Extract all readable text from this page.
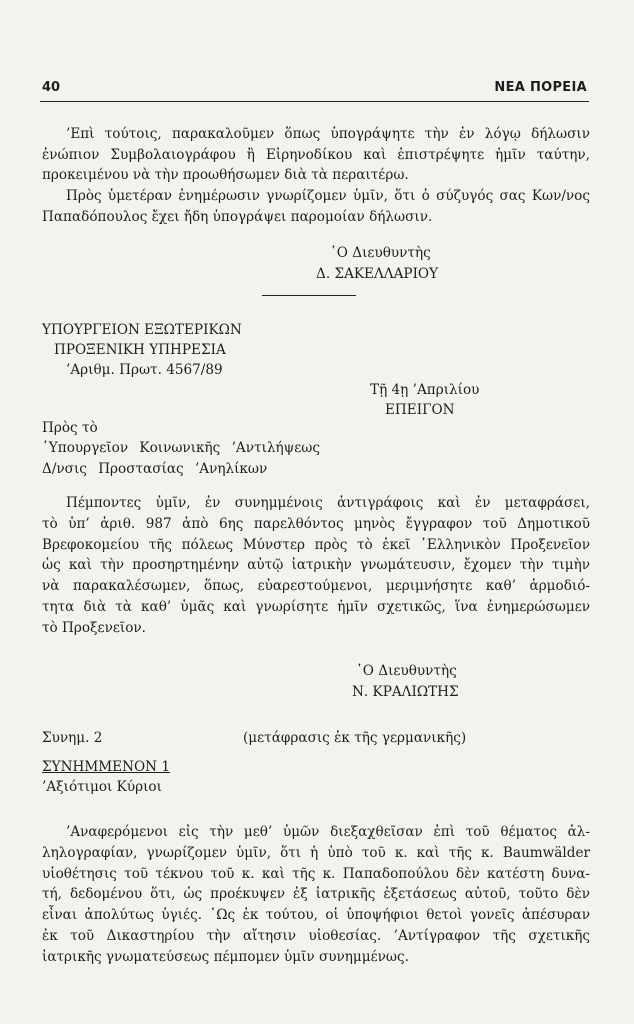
40	ΝΕΑ ΠΟΡΕΙΑ
’Επὶ τούτοις, παρακαλοῦμεν ὅπως ὑπογράψητε τὴν ἐν λόγῳ δήλωσιν
ἐνώπιον Συμβολαιογράφου ἢ Εἰρηνοδίκου καὶ ἐπιστρέψητε ἡμῖν ταύτην,
προκειμένου νὰ τὴν προωθήσωμεν διὰ τὰ περαιτέρω.
Πρὸς ὑμετέραν ἐνημέρωσιν γνωρίζομεν ὑμῖν, ὅτι ὁ σύζυγός σας Κων/νος
Παπαδόπουλος ἔχει ἤδη ὑπογράψει παρομοίαν δήλωσιν.
῾Ο Διευθυντὴς
Δ. ΣΑΚΕΛΛΑΡΙΟΥ
ΥΠΟΥΡΓΕΙΟΝ ΕΞΩΤΕΡΙΚΩΝ
ΠΡΟΞΕΝΙΚΗ ΥΠΗΡΕΣΙΑ
’Αριθμ. Πρωτ. 4567/89
Τῇ 4ῃ ’Απριλίου
ΕΠΕΙΓΟΝ
Πρὸς τὸ
῾Υπουργεῖον Κοινωνικῆς ’Αντιλήψεως
Δ/νσις Προστασίας ’Ανηλίκων
Πέμποντες ὑμῖν, ἐν συνημμένοις ἀντιγράφοις καὶ ἐν μεταφράσει,
τὸ ὑπ’ ἀριθ. 987 ἀπὸ 6ης παρελθόντος μηνὸς ἔγγραφον τοῦ Δημοτικοῦ
Βρεφοκομείου τῆς πόλεως Μύνστερ πρὸς τὸ ἐκεῖ ῾Ελληνικὸν Προξενεῖον
ὡς καὶ τὴν προσηρτημένην αὐτῷ ἰατρικὴν γνωμάτευσιν, ἔχομεν τὴν τιμὴν
νὰ παρακαλέσωμεν, ὅπως, εὐαρεστούμενοι, μεριμνήσητε καθ’ ἁρμοδιό-
τητα διὰ τὰ καθ’ ὑμᾶς καὶ γνωρίσητε ἡμῖν σχετικῶς, ἵνα ἐνημερώσωμεν
τὸ Προξενεῖον.
῾Ο Διευθυντὴς
Ν. ΚΡΑΛΙΩΤΗΣ
Συνημ. 2	(μετάφρασις ἐκ τῆς γερμανικῆς)
ΣΥΝΗΜΜΕΝΟΝ 1
’Αξιότιμοι Κύριοι
’Αναφερόμενοι εἰς τὴν μεθ’ ὑμῶν διεξαχθεῖσαν ἐπὶ τοῦ θέματος ἀλ-
ληλογραφίαν, γνωρίζομεν ὑμῖν, ὅτι ἡ ὑπὸ τοῦ κ. καὶ τῆς κ. Baumwälder
υἱοθέτησις τοῦ τέκνου τοῦ κ. καὶ τῆς κ. Παπαδοπούλου δὲν κατέστη δυνα-
τή, δεδομένου ὅτι, ὡς προέκυψεν ἐξ ἰατρικῆς ἐξετάσεως αὐτοῦ, τοῦτο δὲν
εἶναι ἀπολύτως ὑγιές. ῾Ως ἐκ τούτου, οἱ ὑποψήφιοι θετοὶ γονεῖς ἀπέσυραν
ἐκ τοῦ Δικαστηρίου τὴν αἴτησιν υἱοθεσίας. ’Αντίγραφον τῆς σχετικῆς
ἰατρικῆς γνωματεύσεως πέμπομεν ὑμῖν συνημμένως.
